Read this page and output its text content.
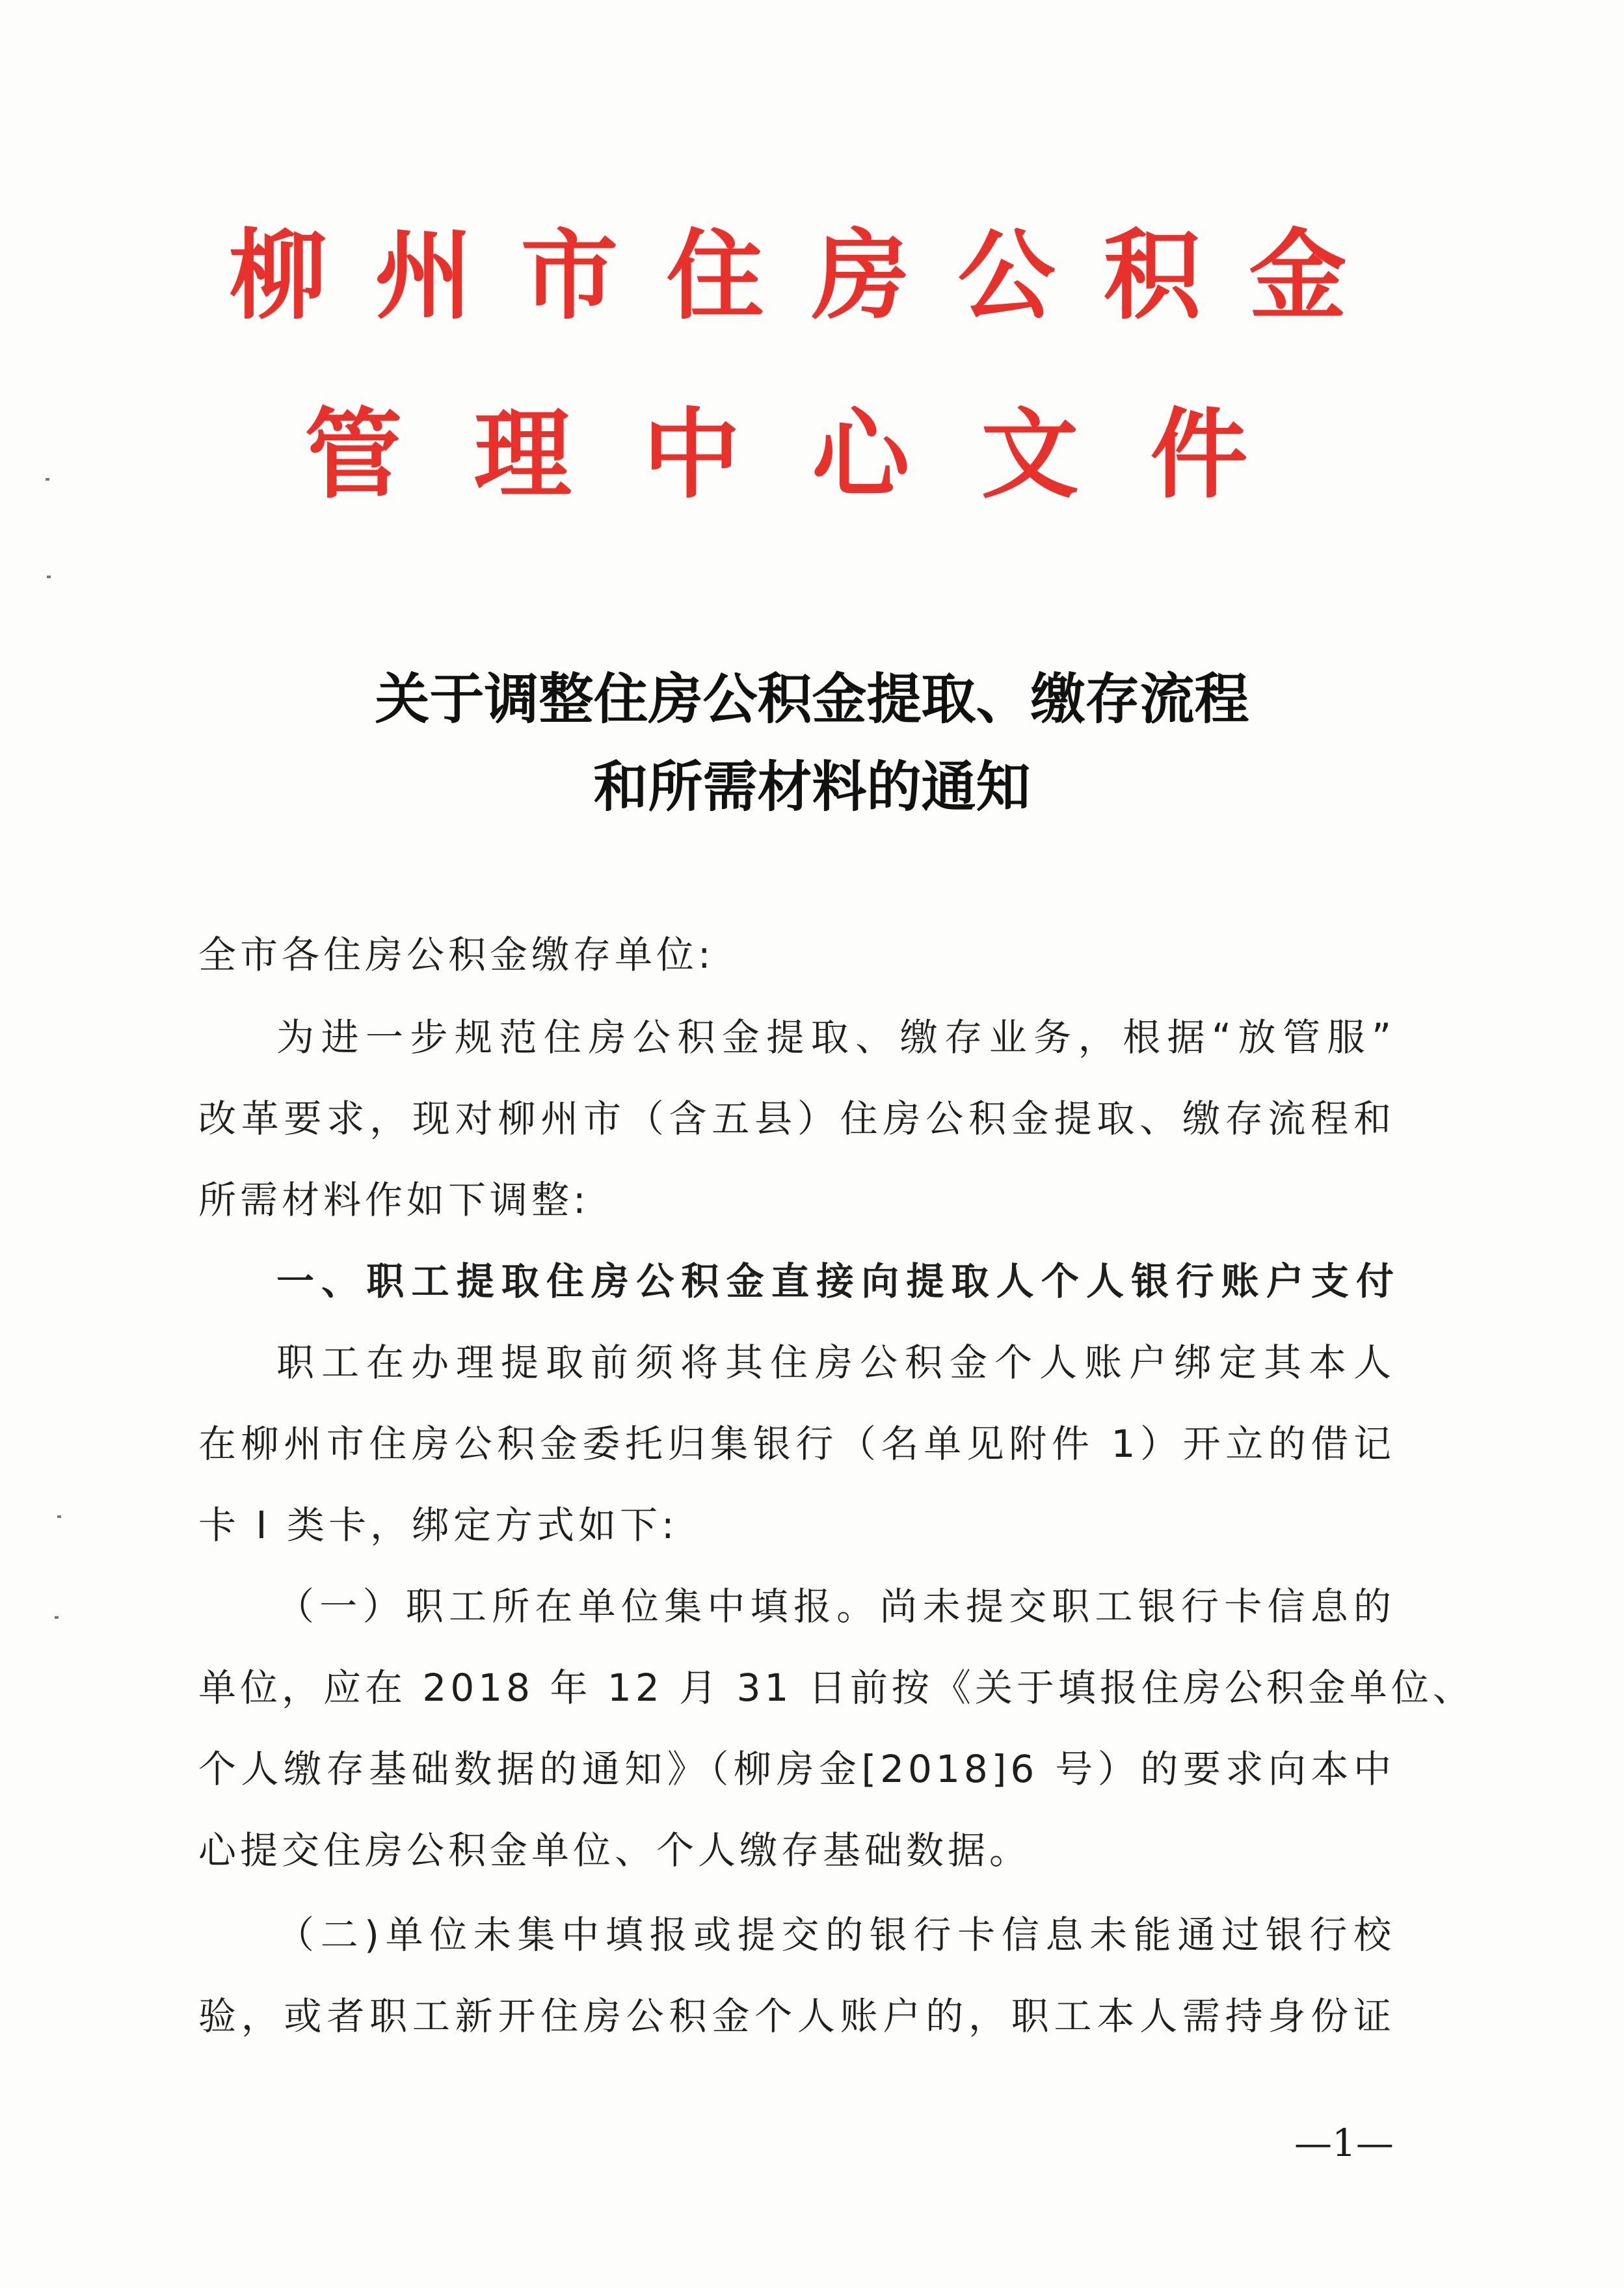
柳州市住房公积金
管理中心文件
关于调整住房公积金提取、缴存流程
和所需材料的通知
全市各住房公积金缴存单位:
为进一步规范住房公积金提取、缴存业务，根据“放管服”
改革要求，现对柳州市（含五县）住房公积金提取、缴存流程和
所需材料作如下调整:
一、职工提取住房公积金直接向提取人个人银行账户支付
职工在办理提取前须将其住房公积金个人账户绑定其本人
在柳州市住房公积金委托归集银行（名单见附件 1）开立的借记
卡 I 类卡，绑定方式如下:
（一）职工所在单位集中填报。尚未提交职工银行卡信息的
单位，应在 2018 年 12 月 31 日前按《关于填报住房公积金单位、
个人缴存基础数据的通知》（柳房金[2018]6 号）的要求向本中
心提交住房公积金单位、个人缴存基础数据。
（二)单位未集中填报或提交的银行卡信息未能通过银行校
验，或者职工新开住房公积金个人账户的，职工本人需持身份证
—1—
